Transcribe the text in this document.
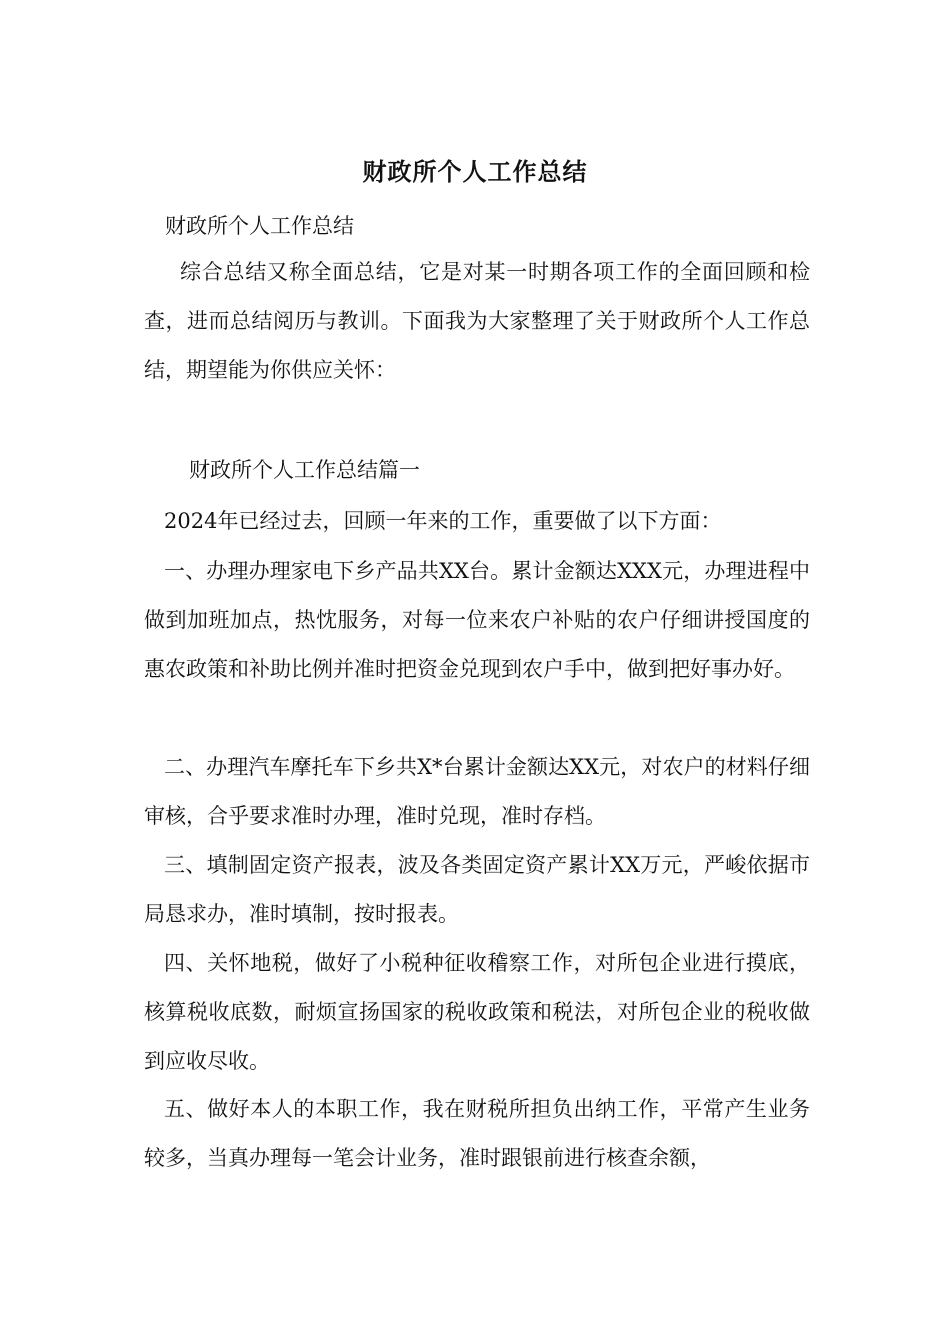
财政所个人工作总结
财政所个人工作总结
综合总结又称全面总结，它是对某一时期各项工作的全面回顾和检查，进而总结阅历与教训。下面我为大家整理了关于财政所个人工作总结，期望能为你供应关怀：
财政所个人工作总结篇一
2024年已经过去，回顾一年来的工作，重要做了以下方面：
一、办理办理家电下乡产品共XX台。累计金额达XXX元，办理进程中做到加班加点，热忱服务，对每一位来农户补贴的农户仔细讲授国度的惠农政策和补助比例并准时把资金兑现到农户手中，做到把好事办好。
二、办理汽车摩托车下乡共X*台累计金额达XX元，对农户的材料仔细审核，合乎要求准时办理，准时兑现，准时存档。
三、填制固定资产报表，波及各类固定资产累计XX万元，严峻依据市局恳求办，准时填制，按时报表。
四、关怀地税，做好了小税种征收稽察工作，对所包企业进行摸底，核算税收底数，耐烦宣扬国家的税收政策和税法，对所包企业的税收做到应收尽收。
五、做好本人的本职工作，我在财税所担负出纳工作，平常产生业务较多，当真办理每一笔会计业务，准时跟银前进行核查余额，
